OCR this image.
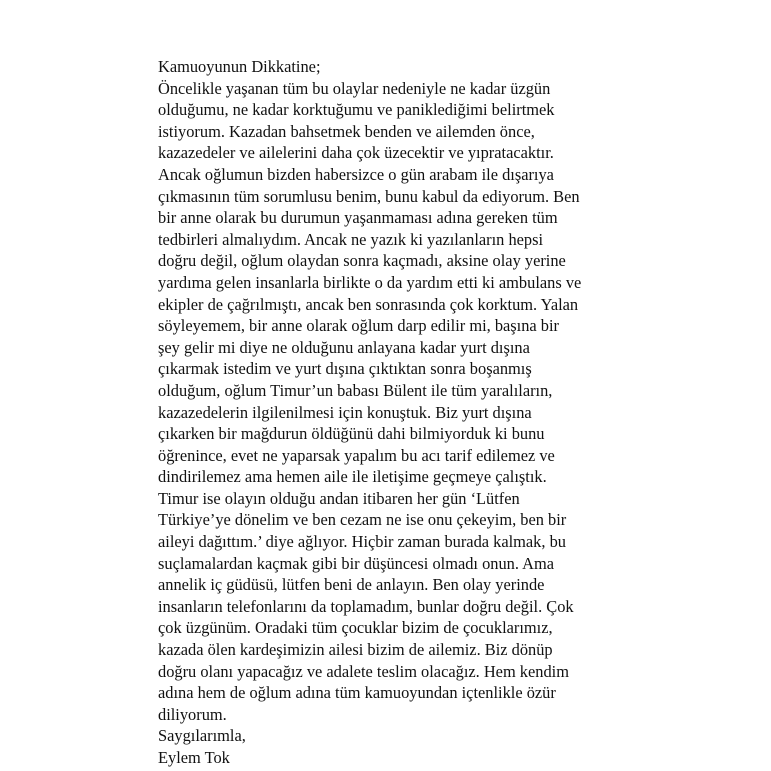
Kamuoyunun Dikkatine;
Öncelikle yaşanan tüm bu olaylar nedeniyle ne kadar üzgün
olduğumu, ne kadar korktuğumu ve paniklediğimi belirtmek
istiyorum. Kazadan bahsetmek benden ve ailemden önce,
kazazedeler ve ailelerini daha çok üzecektir ve yıpratacaktır.
Ancak oğlumun bizden habersizce o gün arabam ile dışarıya
çıkmasının tüm sorumlusu benim, bunu kabul da ediyorum. Ben
bir anne olarak bu durumun yaşanmaması adına gereken tüm
tedbirleri almalıydım. Ancak ne yazık ki yazılanların hepsi
doğru değil, oğlum olaydan sonra kaçmadı, aksine olay yerine
yardıma gelen insanlarla birlikte o da yardım etti ki ambulans ve
ekipler de çağrılmıştı, ancak ben sonrasında çok korktum. Yalan
söyleyemem, bir anne olarak oğlum darp edilir mi, başına bir
şey gelir mi diye ne olduğunu anlayana kadar yurt dışına
çıkarmak istedim ve yurt dışına çıktıktan sonra boşanmış
olduğum, oğlum Timur’un babası Bülent ile tüm yaralıların,
kazazedelerin ilgilenilmesi için konuştuk. Biz yurt dışına
çıkarken bir mağdurun öldüğünü dahi bilmiyorduk ki bunu
öğrenince, evet ne yaparsak yapalım bu acı tarif edilemez ve
dindirilemez ama hemen aile ile iletişime geçmeye çalıştık.
Timur ise olayın olduğu andan itibaren her gün ‘Lütfen
Türkiye’ye dönelim ve ben cezam ne ise onu çekeyim, ben bir
aileyi dağıttım.’ diye ağlıyor. Hiçbir zaman burada kalmak, bu
suçlamalardan kaçmak gibi bir düşüncesi olmadı onun. Ama
annelik iç güdüsü, lütfen beni de anlayın. Ben olay yerinde
insanların telefonlarını da toplamadım, bunlar doğru değil. Çok
çok üzgünüm. Oradaki tüm çocuklar bizim de çocuklarımız,
kazada ölen kardeşimizin ailesi bizim de ailemiz. Biz dönüp
doğru olanı yapacağız ve adalete teslim olacağız. Hem kendim
adına hem de oğlum adına tüm kamuoyundan içtenlikle özür
diliyorum.
Saygılarımla,
Eylem Tok
